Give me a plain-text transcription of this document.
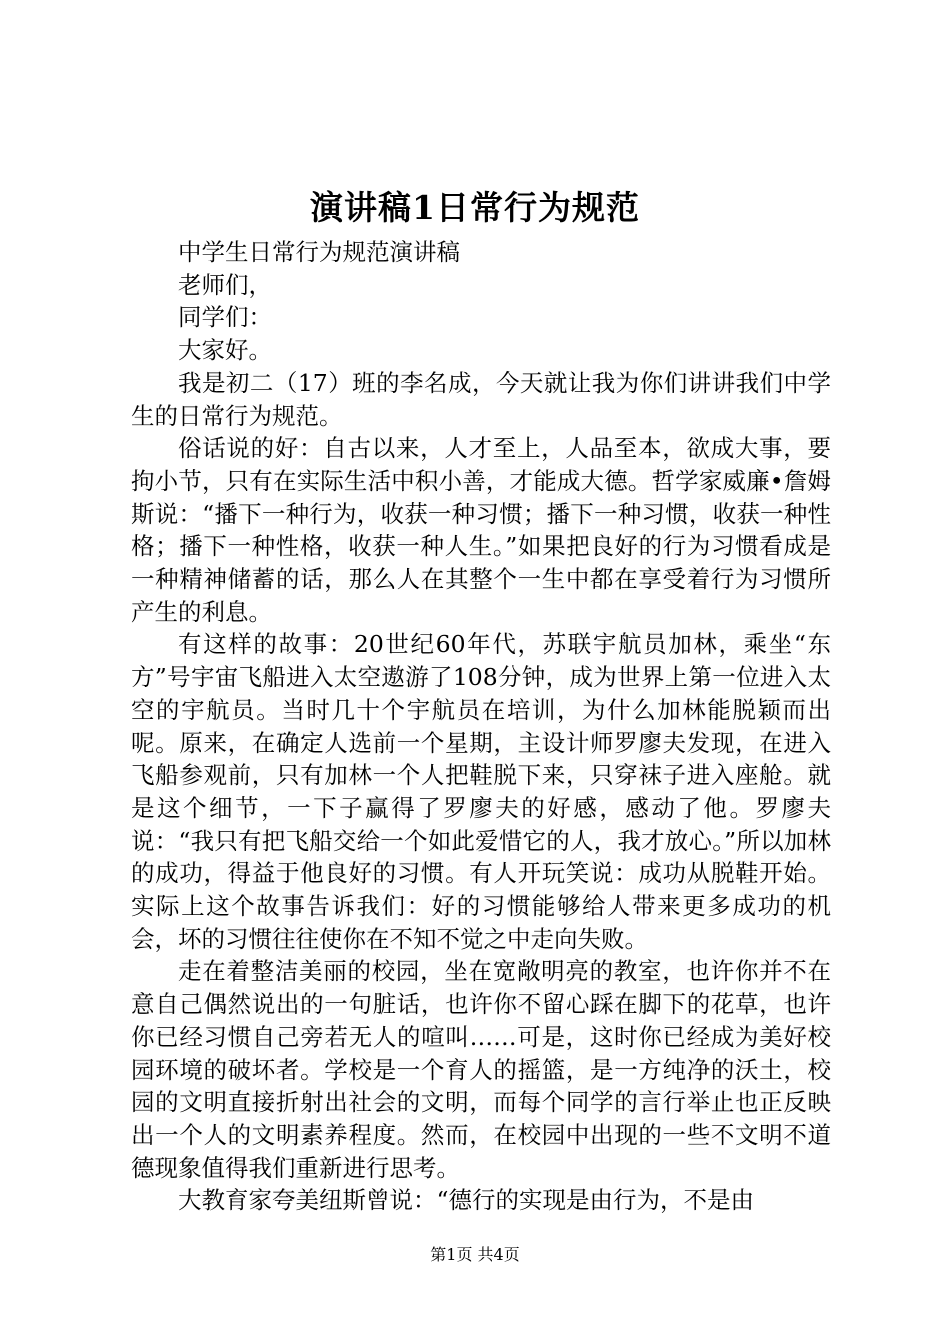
演讲稿1日常行为规范

中学生日常行为规范演讲稿

老师们，

同学们：

大家好。

我是初二（17）班的李名成，今天就让我为你们讲讲我们中学生的日常行为规范。

俗话说的好：自古以来，人才至上，人品至本，欲成大事，要拘小节，只有在实际生活中积小善，才能成大德。哲学家威廉•詹姆斯说：“播下一种行为，收获一种习惯；播下一种习惯，收获一种性格；播下一种性格，收获一种人生。”如果把良好的行为习惯看成是一种精神储蓄的话，那么人在其整个一生中都在享受着行为习惯所产生的利息。

有这样的故事：20世纪60年代，苏联宇航员加林，乘坐“东方”号宇宙飞船进入太空遨游了108分钟，成为世界上第一位进入太空的宇航员。当时几十个宇航员在培训，为什么加林能脱颖而出呢。原来，在确定人选前一个星期，主设计师罗廖夫发现，在进入飞船参观前，只有加林一个人把鞋脱下来，只穿袜子进入座舱。就是这个细节，一下子赢得了罗廖夫的好感，感动了他。罗廖夫说：“我只有把飞船交给一个如此爱惜它的人，我才放心。”所以加林的成功，得益于他良好的习惯。有人开玩笑说：成功从脱鞋开始。实际上这个故事告诉我们：好的习惯能够给人带来更多成功的机会，坏的习惯往往使你在不知不觉之中走向失败。

走在着整洁美丽的校园，坐在宽敞明亮的教室，也许你并不在意自己偶然说出的一句脏话，也许你不留心踩在脚下的花草，也许你已经习惯自己旁若无人的喧叫……可是，这时你已经成为美好校园环境的破坏者。学校是一个育人的摇篮，是一方纯净的沃土，校园的文明直接折射出社会的文明，而每个同学的言行举止也正反映出一个人的文明素养程度。然而，在校园中出现的一些不文明不道德现象值得我们重新进行思考。

大教育家夸美纽斯曾说：“德行的实现是由行为，不是由

第1页 共4页
